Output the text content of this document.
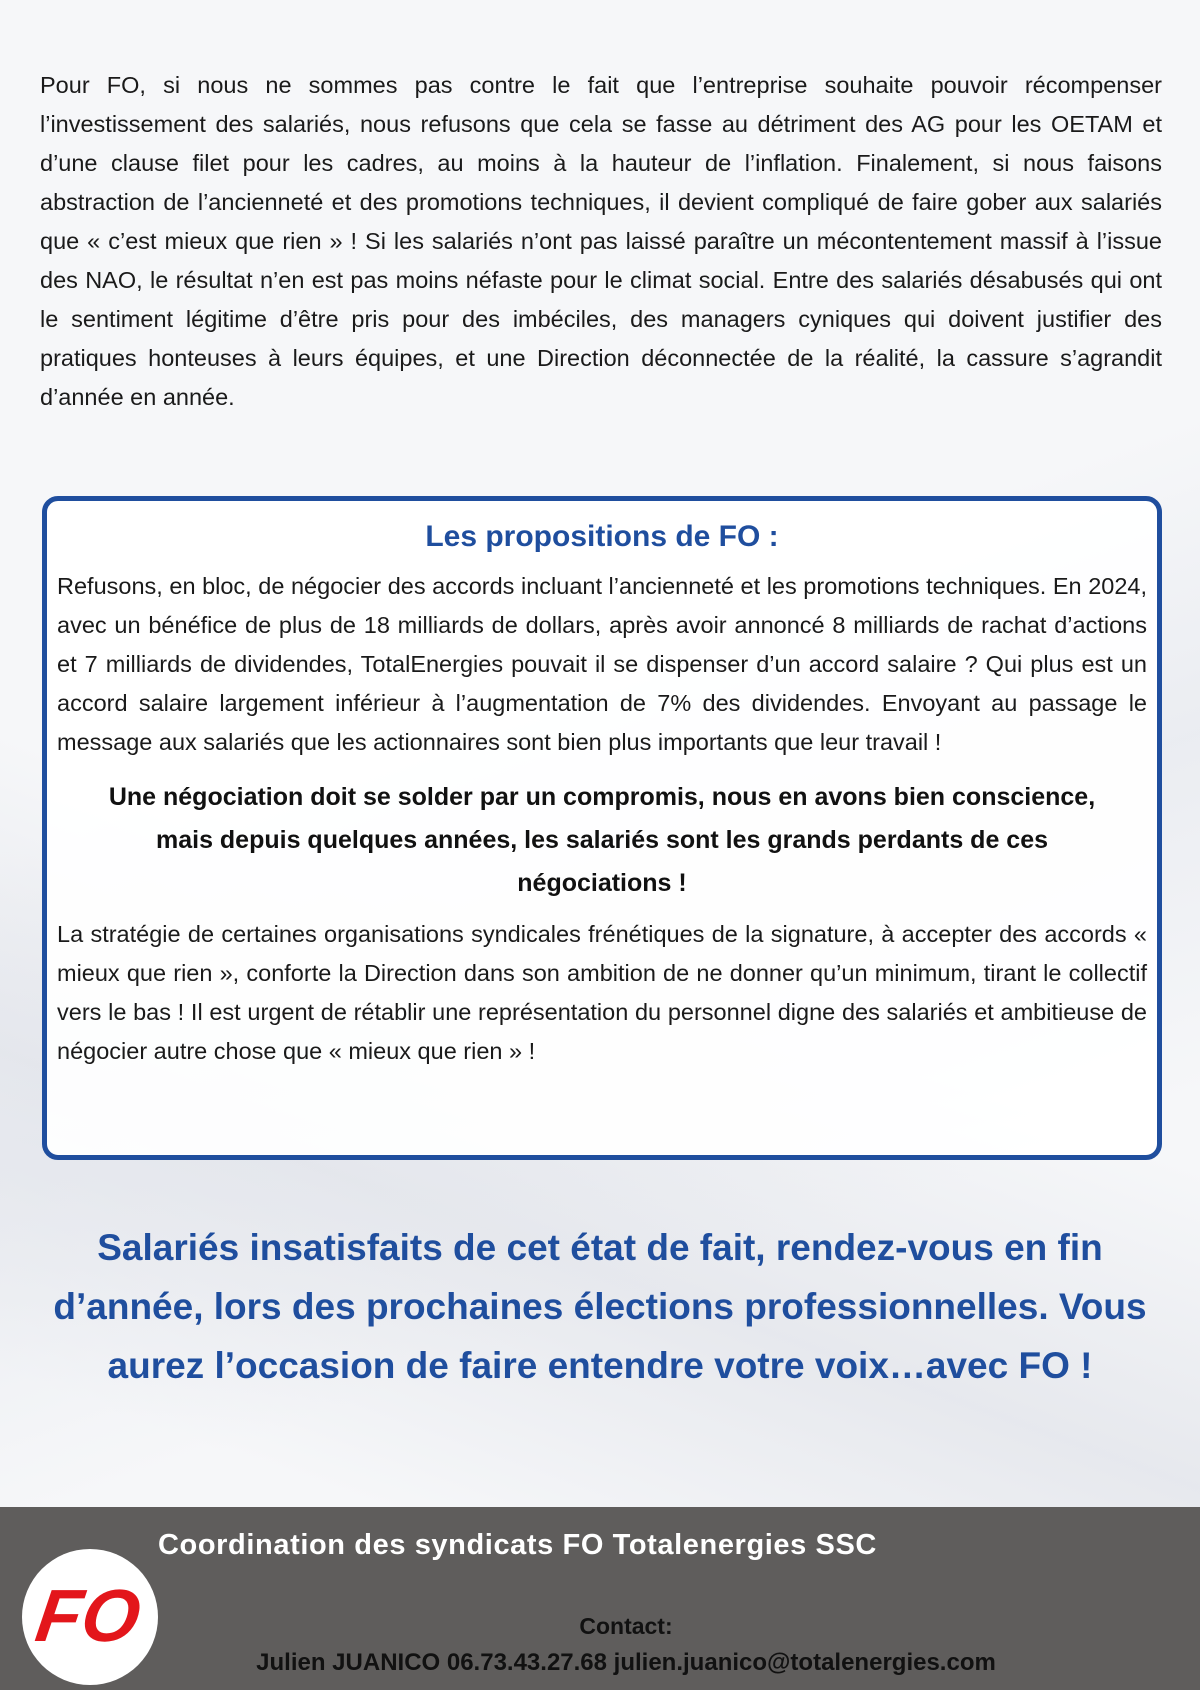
Pour FO, si nous ne sommes pas contre le fait que l’entreprise souhaite pouvoir récompenser l’investissement des salariés, nous refusons que cela se fasse au détriment des AG pour les OETAM et d’une clause filet pour les cadres, au moins à la hauteur de l’inflation. Finalement, si nous faisons abstraction de l’ancienneté et des promotions techniques, il devient compliqué de faire gober aux salariés que « c’est mieux que rien » ! Si les salariés n’ont pas laissé paraître un mécontentement massif à l’issue des NAO, le résultat n’en est pas moins néfaste pour le climat social. Entre des salariés désabusés qui ont le sentiment légitime d’être pris pour des imbéciles, des managers cyniques qui doivent justifier des pratiques honteuses à leurs équipes, et une Direction déconnectée de la réalité, la cassure s’agrandit d’année en année.
Les propositions de FO :

Refusons, en bloc, de négocier des accords incluant l’ancienneté et les promotions techniques. En 2024, avec un bénéfice de plus de 18 milliards de dollars, après avoir annoncé 8 milliards de rachat d’actions et 7 milliards de dividendes, TotalEnergies pouvait il se dispenser d’un accord salaire ? Qui plus est un accord salaire largement inférieur à l’augmentation de 7% des dividendes. Envoyant au passage le message aux salariés que les actionnaires sont bien plus importants que leur travail !

Une négociation doit se solder par un compromis, nous en avons bien conscience, mais depuis quelques années, les salariés sont les grands perdants de ces négociations !

La stratégie de certaines organisations syndicales frénétiques de la signature, à accepter des accords « mieux que rien », conforte la Direction dans son ambition de ne donner qu’un minimum, tirant le collectif vers le bas ! Il est urgent de rétablir une représentation du personnel digne des salariés et ambitieuse de négocier autre chose que « mieux que rien » !

Salariés insatisfaits de cet état de fait, rendez-vous en fin d’année, lors des prochaines élections professionnelles. Vous aurez l’occasion de faire entendre votre voix…avec FO !
FO
Coordination des syndicats FO Totalenergies SSC
Contact:
Julien JUANICO 06.73.43.27.68 julien.juanico@totalenergies.com
